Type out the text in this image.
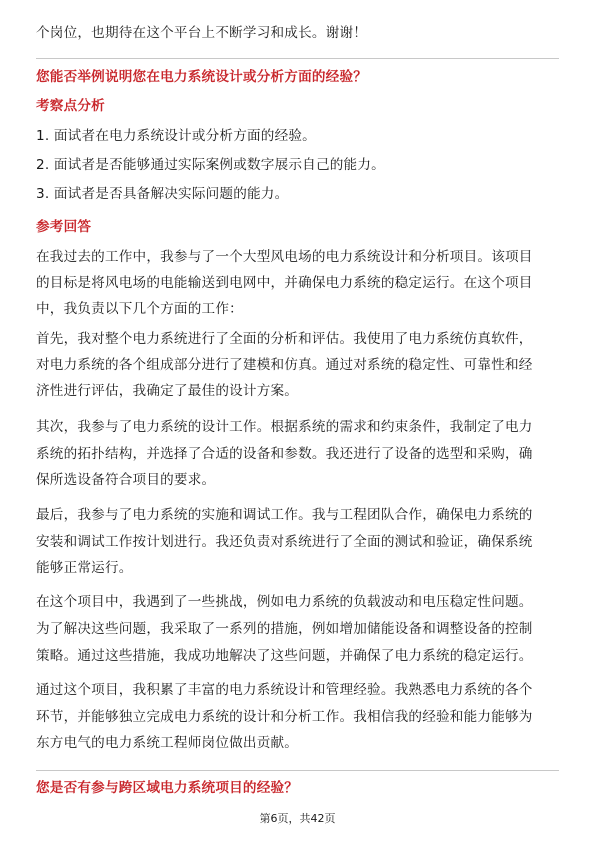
个岗位，也期待在这个平台上不断学习和成长。谢谢！
您能否举例说明您在电力系统设计或分析方面的经验？
考察点分析
1. 面试者在电力系统设计或分析方面的经验。
2. 面试者是否能够通过实际案例或数字展示自己的能力。
3. 面试者是否具备解决实际问题的能力。
参考回答
在我过去的工作中，我参与了一个大型风电场的电力系统设计和分析项目。该项目
的目标是将风电场的电能输送到电网中，并确保电力系统的稳定运行。在这个项目
中，我负责以下几个方面的工作：
首先，我对整个电力系统进行了全面的分析和评估。我使用了电力系统仿真软件，
对电力系统的各个组成部分进行了建模和仿真。通过对系统的稳定性、可靠性和经
济性进行评估，我确定了最佳的设计方案。
其次，我参与了电力系统的设计工作。根据系统的需求和约束条件，我制定了电力
系统的拓扑结构，并选择了合适的设备和参数。我还进行了设备的选型和采购，确
保所选设备符合项目的要求。
最后，我参与了电力系统的实施和调试工作。我与工程团队合作，确保电力系统的
安装和调试工作按计划进行。我还负责对系统进行了全面的测试和验证，确保系统
能够正常运行。
在这个项目中，我遇到了一些挑战，例如电力系统的负载波动和电压稳定性问题。
为了解决这些问题，我采取了一系列的措施，例如增加储能设备和调整设备的控制
策略。通过这些措施，我成功地解决了这些问题，并确保了电力系统的稳定运行。
通过这个项目，我积累了丰富的电力系统设计和管理经验。我熟悉电力系统的各个
环节，并能够独立完成电力系统的设计和分析工作。我相信我的经验和能力能够为
东方电气的电力系统工程师岗位做出贡献。
您是否有参与跨区域电力系统项目的经验？
第6页，共42页
